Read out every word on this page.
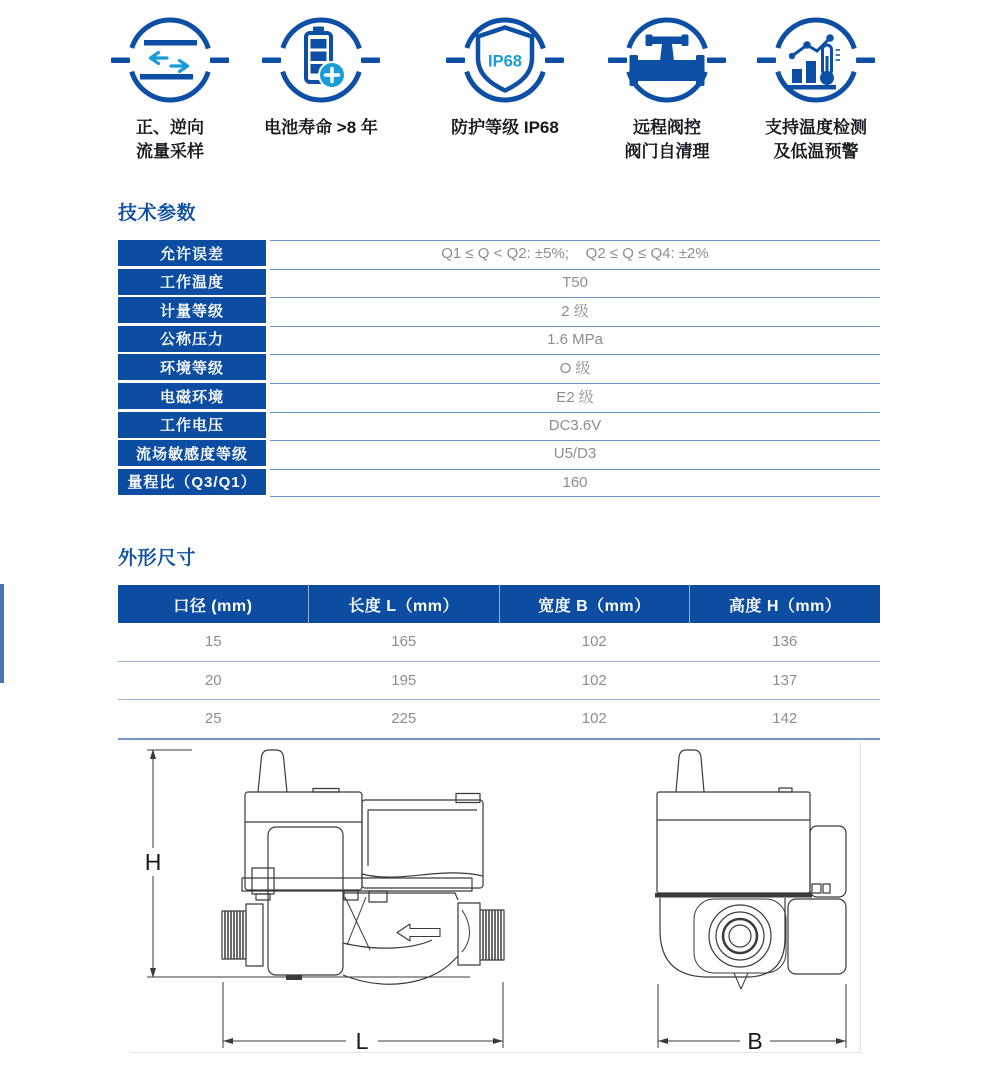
正、逆向
流量采样
电池寿命 >8 年
IP68
防护等级 IP68	远程阀控
阀门自清理
支持温度检测
及低温预警
技术参数
允许误差	Q1 ≤ Q < Q2: ±5%;    Q2 ≤ Q ≤ Q4: ±2%
工作温度	T50
计量等级	2 级
公称压力	1.6 MPa
环境等级	O 级
电磁环境	E2 级
工作电压	DC3.6V
流场敏感度等级	U5/D3
量程比（Q3/Q1）	160
外形尺寸
口径 (mm)	长度 L（mm）	宽度 B（mm）	高度 H（mm）
15	165	102	136
20	195	102	137
25	225	102	142
H
L	B
